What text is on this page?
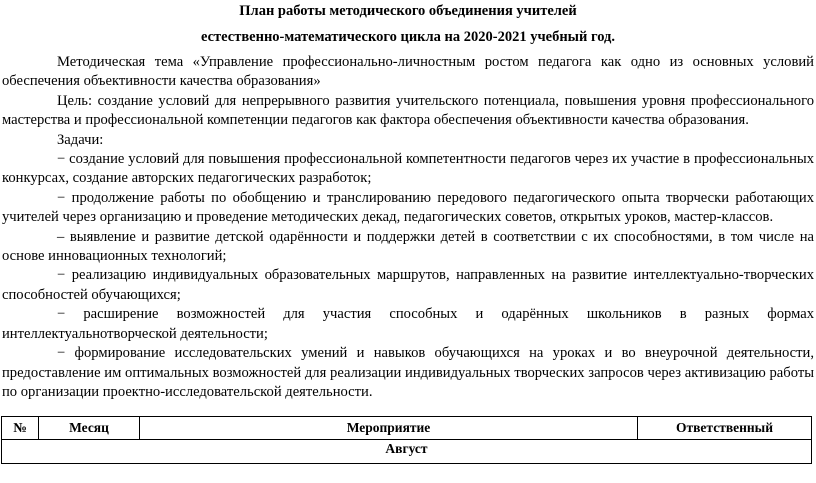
План работы методического объединения учителей
естественно-математического цикла на 2020-2021 учебный год.

Методическая тема «Управление профессионально-личностным ростом педагога как одно из основных условий обеспечения объективности качества образования»

Цель: создание условий для непрерывного развития учительского потенциала, повышения уровня профессионального мастерства и профессиональной компетенции педагогов как фактора обеспечения объективности качества образования.

Задачи:

− создание условий для повышения профессиональной компетентности педагогов через их участие в профессиональных конкурсах, создание авторских педагогических разработок;

− продолжение работы по обобщению и транслированию передового педагогического опыта творчески работающих учителей через организацию и проведение методических декад, педагогических советов, открытых уроков, мастер-классов.

– выявление и развитие детской одарённости и поддержки детей в соответствии с их способностями, в том числе на основе инновационных технологий;

− реализацию индивидуальных образовательных маршрутов, направленных на развитие интеллектуально-творческих способностей обучающихся;

− расширение возможностей для участия способных и одарённых школьников в разных формах интеллектуальнотворческой деятельности;

− формирование исследовательских умений и навыков обучающихся на уроках и во внеурочной деятельности, предоставление им оптимальных возможностей для реализации индивидуальных творческих запросов через активизацию работы по организации проектно-исследовательской деятельности.

№	Месяц	Мероприятие	Ответственный
Август
